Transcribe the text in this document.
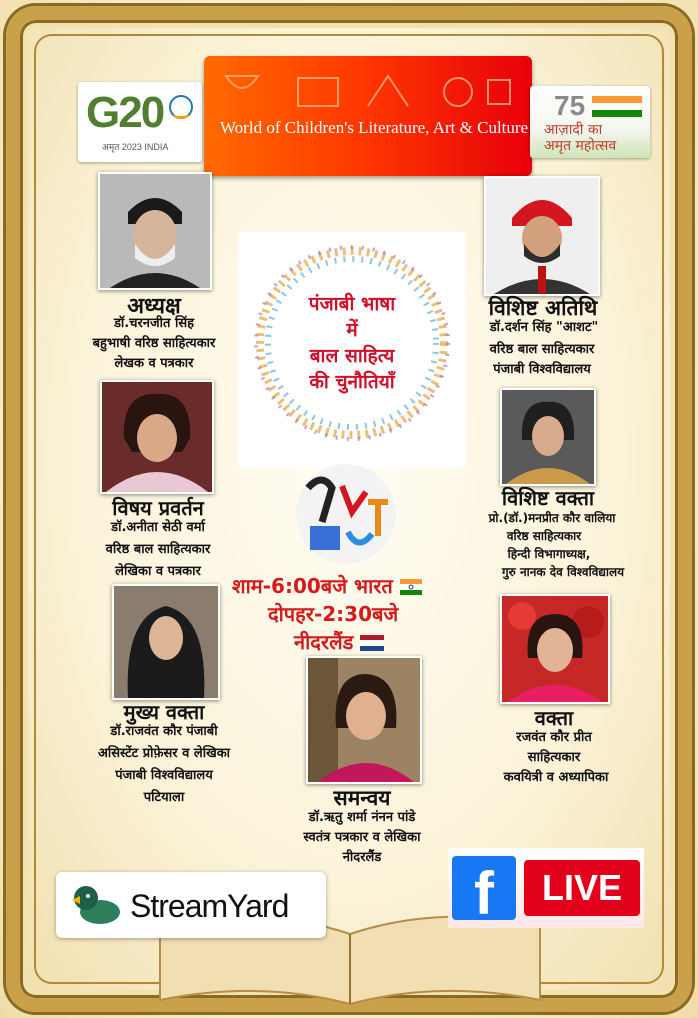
G20
अमृत 2023 INDIA
World of Children's Literature, Art & Culture
75
आज़ादी का
अमृत महोत्सव
अध्यक्ष
डॉ.चरनजीत सिंह
बहुभाषी वरिष्ठ साहित्यकार
लेखक व पत्रकार
विशिष्ट अतिथि
डॉ.दर्शन सिंह "आशट"
वरिष्ठ बाल साहित्यकार
पंजाबी विश्वविद्यालय
पंजाबी भाषा
में
बाल साहित्य
की चुनौतियाँ
विषय प्रवर्तन
डॉ.अनीता सेठी वर्मा
वरिष्ठ बाल साहित्यकार
लेखिका व पत्रकार
विशिष्ट वक्ता
प्रो.(डॉ.)मनप्रीत कौर वालिया
वरिष्ठ साहित्यकार
हिन्दी विभागाध्यक्ष,
गुरु नानक देव विश्वविद्यालय
शाम-6:00बजे भारत
दोपहर-2:30बजे
नीदरलैंड
मुख्य वक्ता
डॉ.राजवंत कौर पंजाबी
असिस्टेंट प्रोफ़ेसर व लेखिका
पंजाबी विश्वविद्यालय
पटियाला	समन्वय
डॉ.ऋतु शर्मा नंनन पांडे
स्वतंत्र पत्रकार व लेखिका
नीदरलैंड
वक्ता
रजवंत कौर प्रीत
साहित्यकार
कवयित्री व अध्यापिका
StreamYard	f	LIVE
